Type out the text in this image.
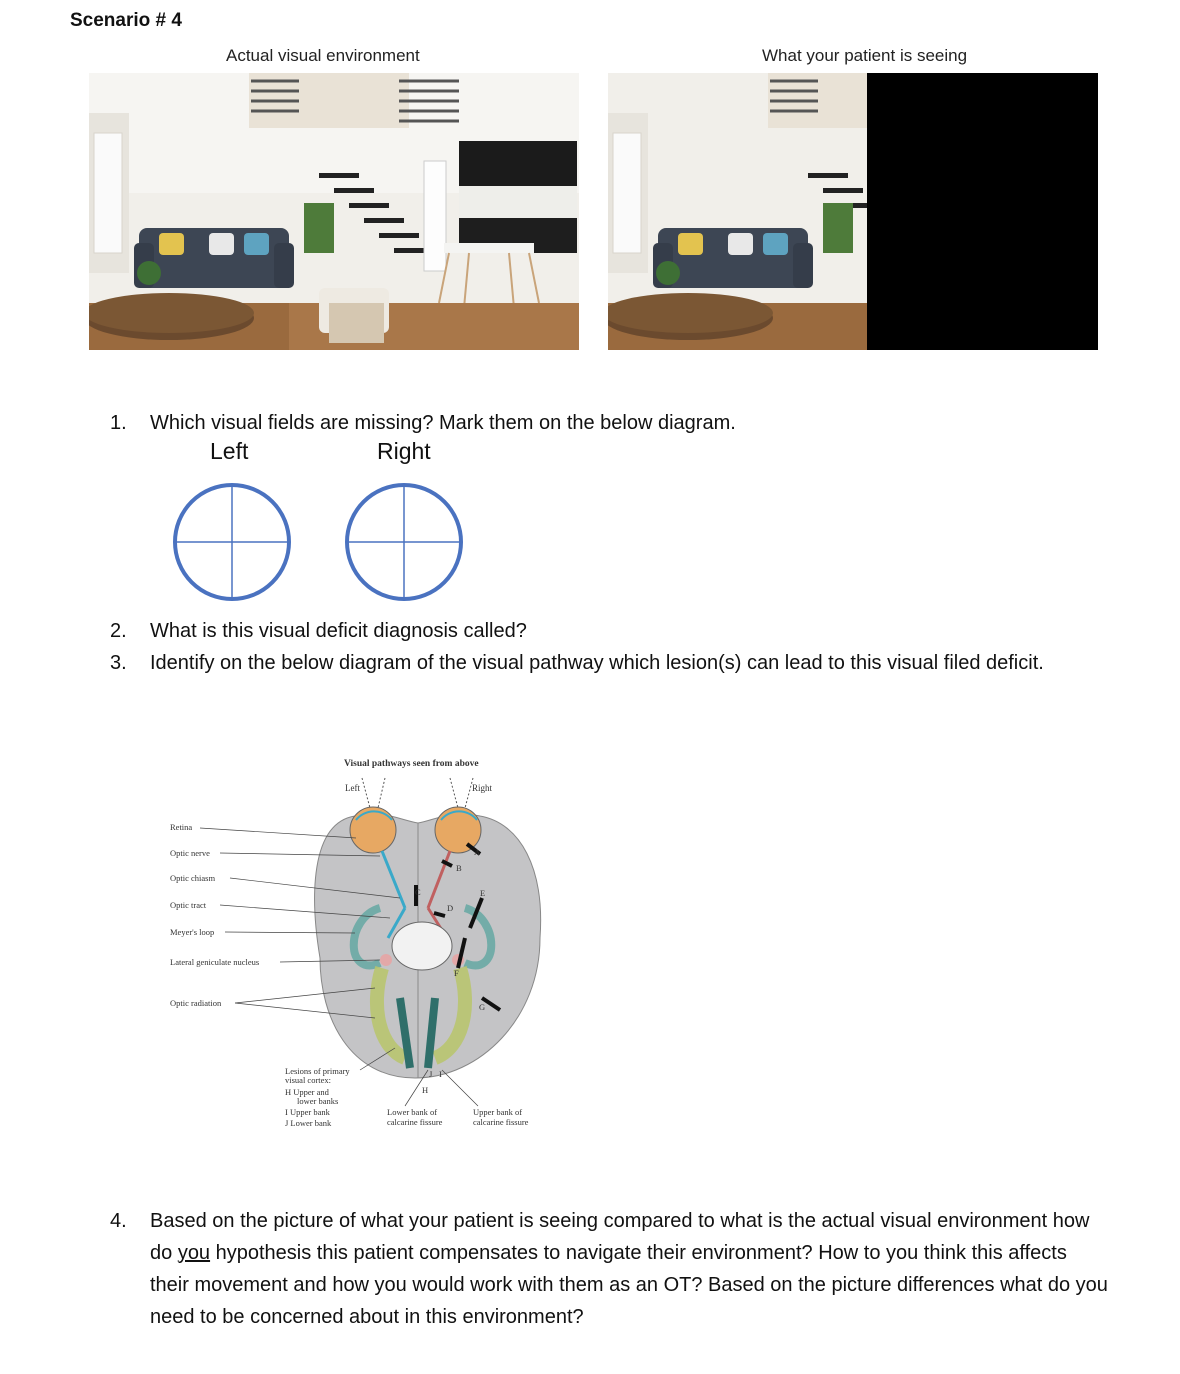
Scenario # 4
Actual visual environment	What your patient is seeing
1. Which visual fields are missing? Mark them on the below diagram.
Left	Right
2. What is this visual deficit diagnosis called?
3. Identify on the below diagram of the visual pathway which lesion(s) can lead to this visual filed deficit.
Visual pathways seen from above
Left	Right
A
B
C
D
E
F
G
H
J I
Retina
Optic nerve
Optic chiasm
Optic tract
Meyer's loop
Lateral geniculate nucleus
Optic radiation
Lesions of primary
visual cortex:
H Upper and
lower banks
I Upper bank
J Lower bank
Lower bank of
calcarine fissure
Upper bank of
calcarine fissure
4. Based on the picture of what your patient is seeing compared to what is the actual visual environment how do you hypothesis this patient compensates to navigate their environment? How to you think this affects their movement and how you would work with them as an OT? Based on the picture differences what do you need to be concerned about in this environment?
